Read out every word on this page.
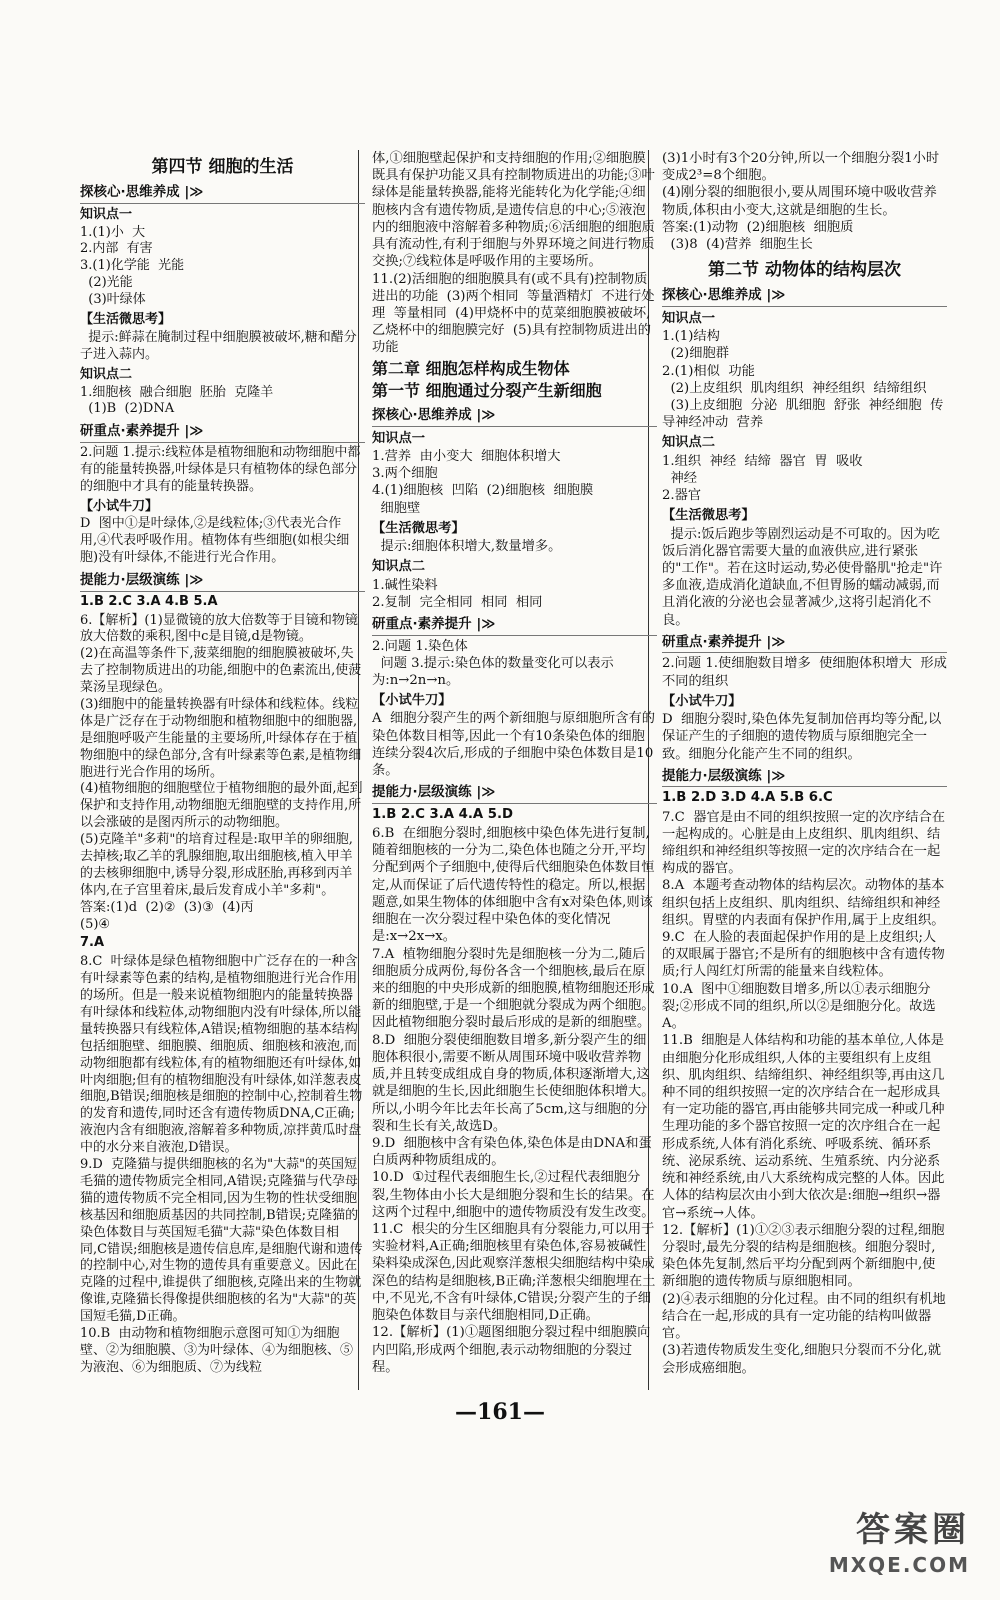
第四节 细胞的生活
探核心·思维养成 |≫
知识点一
1.(1)小  大
2.内部  有害
3.(1)化学能  光能
(2)光能
(3)叶绿体
【生活微思考】
提示:鲜蒜在腌制过程中细胞膜被破坏,糖和醋分子进入蒜内。
知识点二
1.细胞核  融合细胞  胚胎  克隆羊
(1)B  (2)DNA
研重点·素养提升 |≫
2.问题 1.提示:线粒体是植物细胞和动物细胞中都有的能量转换器,叶绿体是只有植物体的绿色部分的细胞中才具有的能量转换器。
【小试牛刀】
D  图中①是叶绿体,②是线粒体;③代表光合作用,④代表呼吸作用。植物体有些细胞(如根尖细胞)没有叶绿体,不能进行光合作用。
提能力·层级演练 |≫
1.B 2.C 3.A 4.B 5.A
6.【解析】(1)显微镜的放大倍数等于目镜和物镜放大倍数的乘积,图中c是目镜,d是物镜。
(2)在高温等条件下,菠菜细胞的细胞膜被破坏,失去了控制物质进出的功能,细胞中的色素流出,使菠菜汤呈现绿色。
(3)细胞中的能量转换器有叶绿体和线粒体。线粒体是广泛存在于动物细胞和植物细胞中的细胞器,是细胞呼吸产生能量的主要场所,叶绿体存在于植物细胞中的绿色部分,含有叶绿素等色素,是植物细胞进行光合作用的场所。
(4)植物细胞的细胞壁位于植物细胞的最外面,起到保护和支持作用,动物细胞无细胞壁的支持作用,所以会涨破的是图丙所示的动物细胞。
(5)克隆羊"多莉"的培育过程是:取甲羊的卵细胞,去掉核;取乙羊的乳腺细胞,取出细胞核,植入甲羊的去核卵细胞中,诱导分裂,形成胚胎,再移到丙羊体内,在子宫里着床,最后发育成小羊"多莉"。
答案:(1)d  (2)②  (3)③  (4)丙
(5)④
7.A
8.C  叶绿体是绿色植物细胞中广泛存在的一种含有叶绿素等色素的结构,是植物细胞进行光合作用的场所。但是一般来说植物细胞内的能量转换器有叶绿体和线粒体,动物细胞内没有叶绿体,所以能量转换器只有线粒体,A错误;植物细胞的基本结构包括细胞壁、细胞膜、细胞质、细胞核和液泡,而动物细胞都有线粒体,有的植物细胞还有叶绿体,如叶肉细胞;但有的植物细胞没有叶绿体,如洋葱表皮细胞,B错误;细胞核是细胞的控制中心,控制着生物的发育和遗传,同时还含有遗传物质DNA,C正确;液泡内含有细胞液,溶解着多种物质,凉拌黄瓜时盘中的水分来自液泡,D错误。
9.D  克隆猫与提供细胞核的名为"大蒜"的英国短毛猫的遗传物质完全相同,A错误;克隆猫与代孕母猫的遗传物质不完全相同,因为生物的性状受细胞核基因和细胞质基因的共同控制,B错误;克隆猫的染色体数目与英国短毛猫"大蒜"染色体数目相同,C错误;细胞核是遗传信息库,是细胞代谢和遗传的控制中心,对生物的遗传具有重要意义。因此在克隆的过程中,谁提供了细胞核,克隆出来的生物就像谁,克隆猫长得像提供细胞核的名为"大蒜"的英国短毛猫,D正确。
10.B  由动物和植物细胞示意图可知①为细胞壁、②为细胞膜、③为叶绿体、④为细胞核、⑤为液泡、⑥为细胞质、⑦为线粒
体,①细胞壁起保护和支持细胞的作用;②细胞膜既具有保护功能又具有控制物质进出的功能;③叶绿体是能量转换器,能将光能转化为化学能;④细胞核内含有遗传物质,是遗传信息的中心;⑤液泡内的细胞液中溶解着多种物质;⑥活细胞的细胞质具有流动性,有利于细胞与外界环境之间进行物质交换;⑦线粒体是呼吸作用的主要场所。
11.(2)活细胞的细胞膜具有(或不具有)控制物质进出的功能  (3)两个相同  等量酒精灯  不进行处理  等量相同  (4)甲烧杯中的苋菜细胞膜被破坏,乙烧杯中的细胞膜完好  (5)具有控制物质进出的功能
第二章 细胞怎样构成生物体
第一节 细胞通过分裂产生新细胞
探核心·思维养成 |≫
知识点一
1.营养  由小变大  细胞体积增大
3.两个细胞
4.(1)细胞核  凹陷  (2)细胞核  细胞膜
细胞壁
【生活微思考】
提示:细胞体积增大,数量增多。
知识点二
1.碱性染料
2.复制  完全相同  相同  相同
研重点·素养提升 |≫
2.问题 1.染色体
问题 3.提示:染色体的数量变化可以表示为:n→2n→n。
【小试牛刀】
A  细胞分裂产生的两个新细胞与原细胞所含有的染色体数目相等,因此一个有10条染色体的细胞连续分裂4次后,形成的子细胞中染色体数目是10条。
提能力·层级演练 |≫
1.B 2.C 3.A 4.A 5.D
6.B  在细胞分裂时,细胞核中染色体先进行复制,随着细胞核的一分为二,染色体也随之分开,平均分配到两个子细胞中,使得后代细胞染色体数目恒定,从而保证了后代遗传特性的稳定。所以,根据题意,如果生物体的体细胞中含有x对染色体,则该细胞在一次分裂过程中染色体的变化情况是:x→2x→x。
7.A  植物细胞分裂时先是细胞核一分为二,随后细胞质分成两份,每份各含一个细胞核,最后在原来的细胞的中央形成新的细胞膜,植物细胞还形成新的细胞壁,于是一个细胞就分裂成为两个细胞。因此植物细胞分裂时最后形成的是新的细胞壁。
8.D  细胞分裂使细胞数目增多,新分裂产生的细胞体积很小,需要不断从周围环境中吸收营养物质,并且转变成组成自身的物质,体积逐渐增大,这就是细胞的生长,因此细胞生长使细胞体积增大。所以,小明今年比去年长高了5cm,这与细胞的分裂和生长有关,故选D。
9.D  细胞核中含有染色体,染色体是由DNA和蛋白质两种物质组成的。
10.D  ①过程代表细胞生长,②过程代表细胞分裂,生物体由小长大是细胞分裂和生长的结果。在这两个过程中,细胞中的遗传物质没有发生改变。
11.C  根尖的分生区细胞具有分裂能力,可以用于实验材料,A正确;细胞核里有染色体,容易被碱性染料染成深色,因此观察洋葱根尖细胞结构中染成深色的结构是细胞核,B正确;洋葱根尖细胞埋在土中,不见光,不含有叶绿体,C错误;分裂产生的子细胞染色体数目与亲代细胞相同,D正确。
12.【解析】(1)①题图细胞分裂过程中细胞膜向内凹陷,形成两个细胞,表示动物细胞的分裂过程。
(3)1小时有3个20分钟,所以一个细胞分裂1小时变成2³=8个细胞。
(4)刚分裂的细胞很小,要从周围环境中吸收营养物质,体积由小变大,这就是细胞的生长。
答案:(1)动物  (2)细胞核  细胞质
(3)8  (4)营养  细胞生长
第二节 动物体的结构层次
探核心·思维养成 |≫
知识点一
1.(1)结构
(2)细胞群
2.(1)相似  功能
(2)上皮组织  肌肉组织  神经组织  结缔组织
(3)上皮细胞  分泌  肌细胞  舒张  神经细胞  传导神经冲动  营养
知识点二
1.组织  神经  结缔  器官  胃  吸收
神经
2.器官
【生活微思考】
提示:饭后跑步等剧烈运动是不可取的。因为吃饭后消化器官需要大量的血液供应,进行紧张的"工作"。若在这时运动,势必使骨骼肌"抢走"许多血液,造成消化道缺血,不但胃肠的蠕动减弱,而且消化液的分泌也会显著减少,这将引起消化不良。
研重点·素养提升 |≫
2.问题 1.使细胞数目增多  使细胞体积增大  形成不同的组织
【小试牛刀】
D  细胞分裂时,染色体先复制加倍再均等分配,以保证产生的子细胞的遗传物质与原细胞完全一致。细胞分化能产生不同的组织。
提能力·层级演练 |≫
1.B 2.D 3.D 4.A 5.B 6.C
7.C  器官是由不同的组织按照一定的次序结合在一起构成的。心脏是由上皮组织、肌肉组织、结缔组织和神经组织等按照一定的次序结合在一起构成的器官。
8.A  本题考查动物体的结构层次。动物体的基本组织包括上皮组织、肌肉组织、结缔组织和神经组织。胃壁的内表面有保护作用,属于上皮组织。
9.C  在人脸的表面起保护作用的是上皮组织;人的双眼属于器官;不是所有的细胞核中含有遗传物质;行人闯红灯所需的能量来自线粒体。
10.A  图中①细胞数目增多,所以①表示细胞分裂;②形成不同的组织,所以②是细胞分化。故选A。
11.B  细胞是人体结构和功能的基本单位,人体是由细胞分化形成组织,人体的主要组织有上皮组织、肌肉组织、结缔组织、神经组织等,再由这几种不同的组织按照一定的次序结合在一起形成具有一定功能的器官,再由能够共同完成一种或几种生理功能的多个器官按照一定的次序组合在一起形成系统,人体有消化系统、呼吸系统、循环系统、泌尿系统、运动系统、生殖系统、内分泌系统和神经系统,由八大系统构成完整的人体。因此人体的结构层次由小到大依次是:细胞→组织→器官→系统→人体。
12.【解析】(1)①②③表示细胞分裂的过程,细胞分裂时,最先分裂的结构是细胞核。细胞分裂时,染色体先复制,然后平均分配到两个新细胞中,使新细胞的遗传物质与原细胞相同。
(2)④表示细胞的分化过程。由不同的组织有机地结合在一起,形成的具有一定功能的结构叫做器官。
(3)若遗传物质发生变化,细胞只分裂而不分化,就会形成癌细胞。
—161—
答案圈
MXQE.COM
